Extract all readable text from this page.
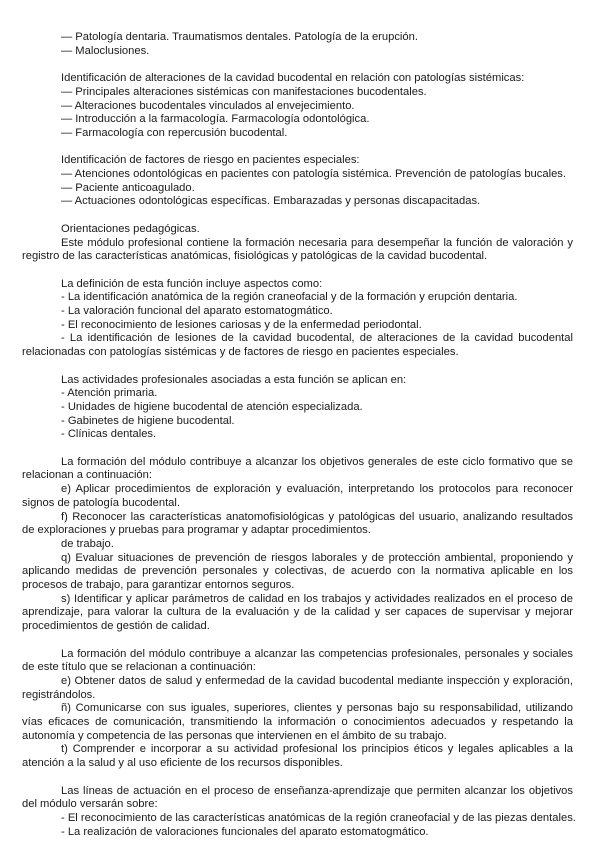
— Patología dentaria. Traumatismos dentales. Patología de la erupción.
— Maloclusiones.
Identificación de alteraciones de la cavidad bucodental en relación con patologías sistémicas:
— Principales alteraciones sistémicas con manifestaciones bucodentales.
— Alteraciones bucodentales vinculados al envejecimiento.
— Introducción a la farmacología. Farmacología odontológica.
— Farmacología con repercusión bucodental.
Identificación de factores de riesgo en pacientes especiales:
— Atenciones odontológicas en pacientes con patología sistémica. Prevención de patologías bucales.
— Paciente anticoagulado.
— Actuaciones odontológicas específicas. Embarazadas y personas discapacitadas.
Orientaciones pedagógicas.
Este módulo profesional contiene la formación necesaria para desempeñar la función de valoración y registro de las características anatómicas, fisiológicas y patológicas de la cavidad bucodental.
La definición de esta función incluye aspectos como:
- La identificación anatómica de la región craneofacial y de la formación y erupción dentaria.
- La valoración funcional del aparato estomatogmático.
- El reconocimiento de lesiones cariosas y de la enfermedad periodontal.
- La identificación de lesiones de la cavidad bucodental, de alteraciones de la cavidad bucodental relacionadas con patologías sistémicas y de factores de riesgo en pacientes especiales.
Las actividades profesionales asociadas a esta función se aplican en:
- Atención primaria.
- Unidades de higiene bucodental de atención especializada.
- Gabinetes de higiene bucodental.
- Clínicas dentales.
La formación del módulo contribuye a alcanzar los objetivos generales de este ciclo formativo que se relacionan a continuación:
e) Aplicar procedimientos de exploración y evaluación, interpretando los protocolos para reconocer signos de patología bucodental.
f) Reconocer las características anatomofisiológicas y patológicas del usuario, analizando resultados de exploraciones y pruebas para programar y adaptar procedimientos.
de trabajo.
q) Evaluar situaciones de prevención de riesgos laborales y de protección ambiental, proponiendo y aplicando medidas de prevención personales y colectivas, de acuerdo con la normativa aplicable en los procesos de trabajo, para garantizar entornos seguros.
s) Identificar y aplicar parámetros de calidad en los trabajos y actividades realizados en el proceso de aprendizaje, para valorar la cultura de la evaluación y de la calidad y ser capaces de supervisar y mejorar procedimientos de gestión de calidad.
La formación del módulo contribuye a alcanzar las competencias profesionales, personales y sociales de este título que se relacionan a continuación:
e) Obtener datos de salud y enfermedad de la cavidad bucodental mediante inspección y exploración, registrándolos.
ñ) Comunicarse con sus iguales, superiores, clientes y personas bajo su responsabilidad, utilizando vías eficaces de comunicación, transmitiendo la información o conocimientos adecuados y respetando la autonomía y competencia de las personas que intervienen en el ámbito de su trabajo.
t) Comprender e incorporar a su actividad profesional los principios éticos y legales aplicables a la atención a la salud y al uso eficiente de los recursos disponibles.
Las líneas de actuación en el proceso de enseñanza-aprendizaje que permiten alcanzar los objetivos del módulo versarán sobre:
- El reconocimiento de las características anatómicas de la región craneofacial y de las piezas dentales.
- La realización de valoraciones funcionales del aparato estomatogmático.
